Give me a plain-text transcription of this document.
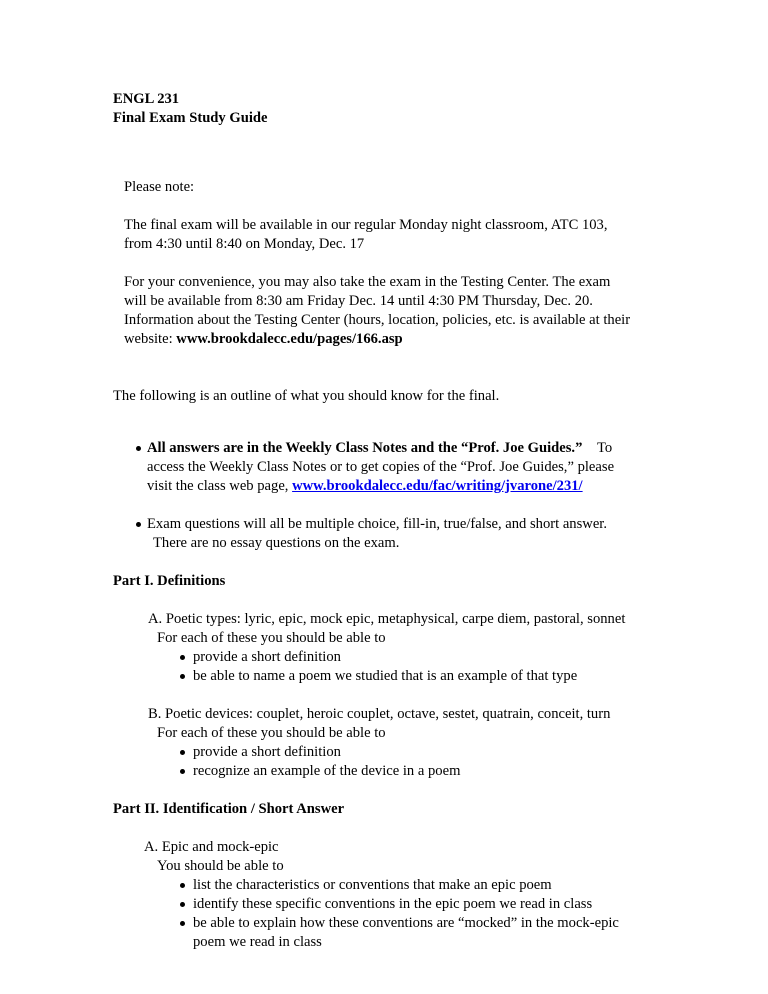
ENGL 231
Final Exam Study Guide
Please note:
The final exam will be available in our regular Monday night classroom, ATC 103,
from 4:30 until 8:40 on Monday, Dec. 17
For your convenience, you may also take the exam in the Testing Center. The exam
will be available from 8:30 am Friday Dec. 14 until 4:30 PM Thursday, Dec. 20.
Information about the Testing Center (hours, location, policies, etc. is available at their
website: www.brookdalecc.edu/pages/166.asp
The following is an outline of what you should know for the final.
All answers are in the Weekly Class Notes and the “Prof. Joe Guides.” To
access the Weekly Class Notes or to get copies of the “Prof. Joe Guides,” please
visit the class web page, www.brookdalecc.edu/fac/writing/jvarone/231/
Exam questions will all be multiple choice, fill-in, true/false, and short answer.
There are no essay questions on the exam.
Part I. Definitions
A. Poetic types: lyric, epic, mock epic, metaphysical, carpe diem, pastoral, sonnet
For each of these you should be able to
provide a short definition
be able to name a poem we studied that is an example of that type
B. Poetic devices: couplet, heroic couplet, octave, sestet, quatrain, conceit, turn
For each of these you should be able to
provide a short definition
recognize an example of the device in a poem
Part II. Identification / Short Answer
A. Epic and mock-epic
You should be able to
list the characteristics or conventions that make an epic poem
identify these specific conventions in the epic poem we read in class
be able to explain how these conventions are “mocked” in the mock-epic
poem we read in class
